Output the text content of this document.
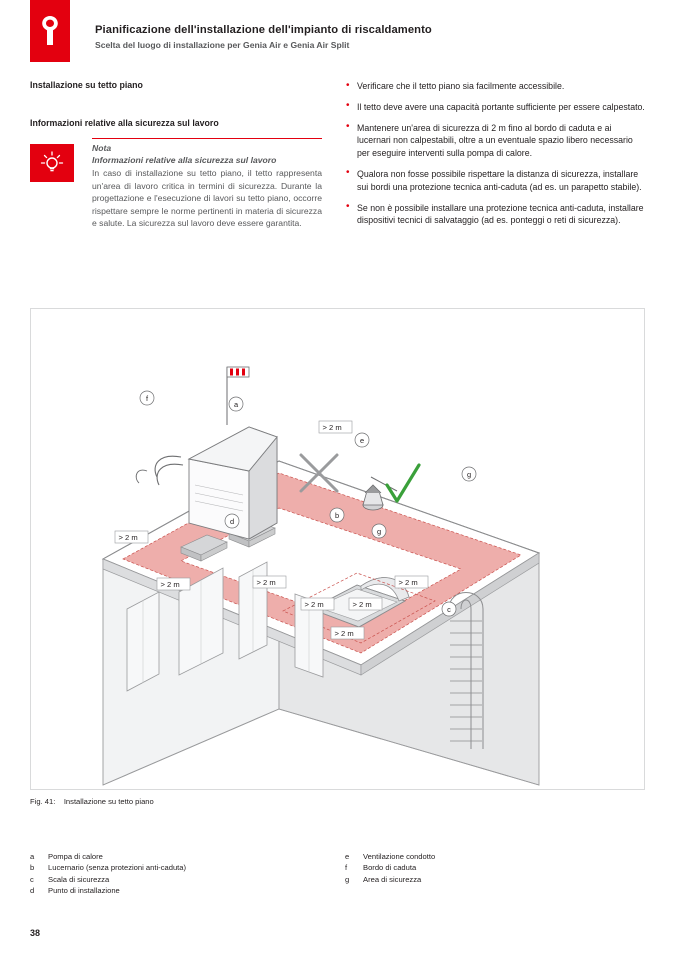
Pianificazione dell'installazione dell'impianto di riscaldamento
Scelta del luogo di installazione per Genia Air e Genia Air Split
Installazione su tetto piano
Informazioni relative alla sicurezza sul lavoro
Nota
Informazioni relative alla sicurezza sul lavoro
In caso di installazione su tetto piano, il tetto rappresenta un'area di lavoro critica in termini di sicurezza. Durante la progettazione e l'esecuzione di lavori su tetto piano, occorre rispettare sempre le norme pertinenti in materia di sicurezza e salute. La sicurezza sul lavoro deve essere garantita.
• Verificare che il tetto piano sia facilmente accessibile.
• Il tetto deve avere una capacità portante sufficiente per essere calpestato.
• Mantenere un'area di sicurezza di 2 m fino al bordo di caduta e ai lucernari non calpestabili, oltre a un eventuale spazio libero necessario per eseguire interventi sulla pompa di calore.
• Qualora non fosse possibile rispettare la distanza di sicurezza, installare sui bordi una protezione tecnica anti-caduta (ad es. un parapetto stabile).
• Se non è possibile installare una protezione tecnica anti-caduta, installare dispositivi tecnici di salvataggio (ad es. ponteggi o reti di sicurezza).
> 2 m
> 2 m
> 2 m	> 2 m	> 2 m
> 2 m	> 2 m
> 2 m
a
b
c
d
e
f
g
g
Fig. 41: Installazione su tetto piano
a	Pompa di calore
b	Lucernario (senza protezioni anti-caduta)
c	Scala di sicurezza
d	Punto di installazione
e	Ventilazione condotto
f	Bordo di caduta
g	Area di sicurezza
38
